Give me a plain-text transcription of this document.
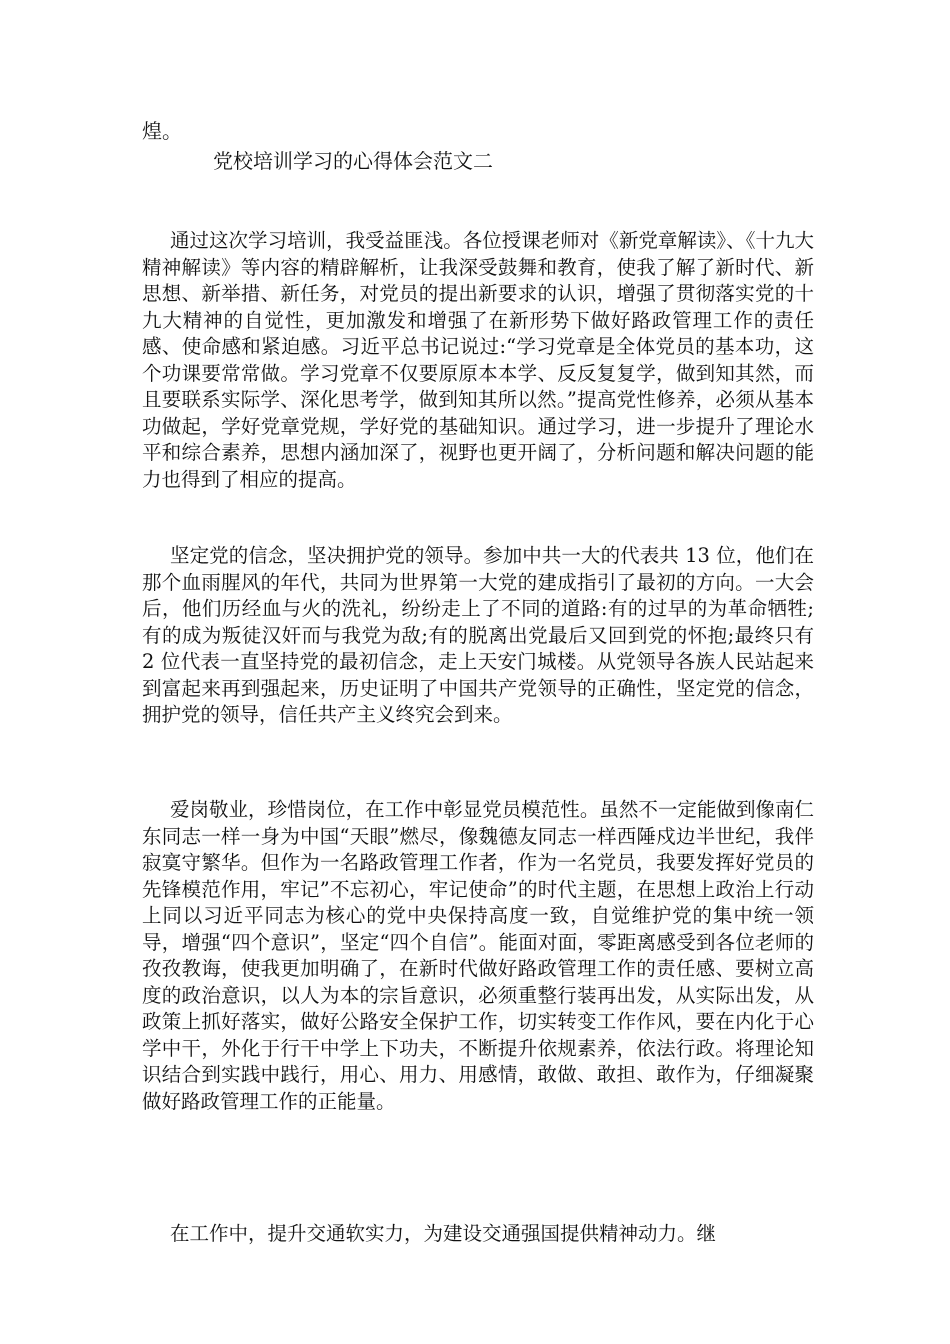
煌。

党校培训学习的心得体会范文二

通过这次学习培训，我受益匪浅。各位授课老师对《新党章解读》、《十九大精神解读》等内容的精辟解析，让我深受鼓舞和教育，使我了解了新时代、新思想、新举措、新任务，对党员的提出新要求的认识，增强了贯彻落实党的十九大精神的自觉性，更加激发和增强了在新形势下做好路政管理工作的责任感、使命感和紧迫感。习近平总书记说过:“学习党章是全体党员的基本功，这个功课要常常做。学习党章不仅要原原本本学、反反复复学，做到知其然，而且要联系实际学、深化思考学，做到知其所以然。”提高党性修养，必须从基本功做起，学好党章党规，学好党的基础知识。通过学习，进一步提升了理论水平和综合素养，思想内涵加深了，视野也更开阔了，分析问题和解决问题的能力也得到了相应的提高。

坚定党的信念，坚决拥护党的领导。参加中共一大的代表共 13 位，他们在那个血雨腥风的年代，共同为世界第一大党的建成指引了最初的方向。一大会后，他们历经血与火的洗礼，纷纷走上了不同的道路:有的过早的为革命牺牲;有的成为叛徒汉奸而与我党为敌;有的脱离出党最后又回到党的怀抱;最终只有 2 位代表一直坚持党的最初信念，走上天安门城楼。从党领导各族人民站起来到富起来再到强起来，历史证明了中国共产党领导的正确性，坚定党的信念，拥护党的领导，信任共产主义终究会到来。

爱岗敬业，珍惜岗位，在工作中彰显党员模范性。虽然不一定能做到像南仁东同志一样一身为中国“天眼”燃尽，像魏德友同志一样西陲戍边半世纪，我伴寂寞守繁华。但作为一名路政管理工作者，作为一名党员，我要发挥好党员的先锋模范作用，牢记”不忘初心，牢记使命”的时代主题，在思想上政治上行动上同以习近平同志为核心的党中央保持高度一致，自觉维护党的集中统一领导，增强“四个意识”，坚定“四个自信”。能面对面，零距离感受到各位老师的孜孜教诲，使我更加明确了，在新时代做好路政管理工作的责任感、要树立高度的政治意识，以人为本的宗旨意识，必须重整行装再出发，从实际出发，从政策上抓好落实，做好公路安全保护工作，切实转变工作作风，要在内化于心学中干，外化于行干中学上下功夫，不断提升依规素养，依法行政。将理论知识结合到实践中践行，用心、用力、用感情，敢做、敢担、敢作为，仔细凝聚做好路政管理工作的正能量。

在工作中，提升交通软实力，为建设交通强国提供精神动力。继
